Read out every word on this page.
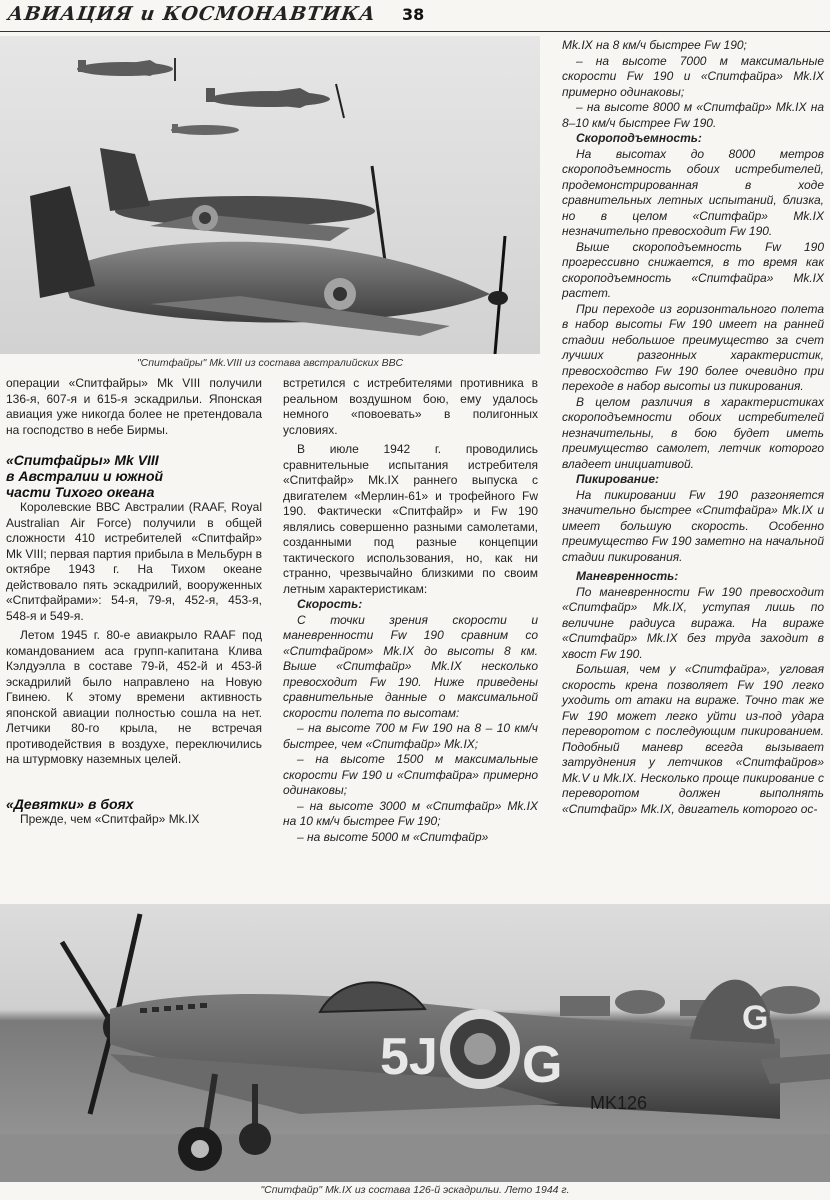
АВИАЦИЯ и КОСМОНАВТИКА 38
"Спитфайры" Mk.VIII из состава австралийских ВВС

операции «Спитфайры» Mk VIII получили 136-я, 607-я и 615-я эскадрильи. Японская авиация уже никогда более не претендовала на господство в небе Бирмы.

«Спитфайры» Mk VIII
в Австралии и южной
части Тихого океана

Королевские ВВС Австралии (RAAF, Royal Australian Air Force) получили в общей сложности 410 истребителей «Спитфайр» Mk VIII; первая партия прибыла в Мельбурн в октябре 1943 г. На Тихом океане действовало пять эскадрилий, вооруженных «Спитфайрами»: 54-я, 79-я, 452-я, 453-я, 548-я и 549-я.

Летом 1945 г. 80-е авиакрыло RAAF под командованием аса групп-капитана Клива Кэлдуэлла в составе 79-й, 452-й и 453-й эскадрилий было направлено на Новую Гвинею. К этому времени активность японской авиации полностью сошла на нет. Летчики 80-го крыла, не встречая противодействия в воздухе, переключились на штурмовку наземных целей.

«Девятки» в боях

Прежде, чем «Спитфайр» Mk.IX

встретился с истребителями противника в реальном воздушном бою, ему удалось немного «повоевать» в полигонных условиях.

В июле 1942 г. проводились сравнительные испытания истребителя «Спитфайр» Mk.IX раннего выпуска с двигателем «Мерлин-61» и трофейного Fw 190. Фактически «Спитфайр» и Fw 190 являлись совершенно разными самолетами, созданными под разные концепции тактического использования, но, как ни странно, чрезвычайно близкими по своим летным характеристикам:

Скорость:

С точки зрения скорости и маневренности Fw 190 сравним со «Спитфайром» Mk.IX до высоты 8 км. Выше «Спитфайр» Mk.IX несколько превосходит Fw 190. Ниже приведены сравнительные данные о максимальной скорости полета по высотам:

– на высоте 700 м Fw 190 на 8 – 10 км/ч быстрее, чем «Спитфайр» Mk.IX;

– на высоте 1500 м максимальные скорости Fw 190 и «Спитфайра» примерно одинаковы;

– на высоте 3000 м «Спитфайр» Mk.IX на 10 км/ч быстрее Fw 190;

– на высоте 5000 м «Спитфайр»

Mk.IX на 8 км/ч быстрее Fw 190;

– на высоте 7000 м максимальные скорости Fw 190 и «Спитфайра» Mk.IX примерно одинаковы;

– на высоте 8000 м «Спитфайр» Mk.IX на 8–10 км/ч быстрее Fw 190.

Скороподъемность:

На высотах до 8000 метров скороподъемность обоих истребителей, продемонстрированная в ходе сравнительных летных испытаний, близка, но в целом «Спитфайр» Mk.IX незначительно превосходит Fw 190.

Выше скороподъемность Fw 190 прогрессивно снижается, в то время как скороподъемность «Спитфайра» Mk.IX растет.

При переходе из горизонтального полета в набор высоты Fw 190 имеет на ранней стадии небольшое преимущество за счет лучших разгонных характеристик, превосходство Fw 190 более очевидно при переходе в набор высоты из пикирования.

В целом различия в характеристиках скороподъемности обоих истребителей незначительны, в бою будет иметь преимущество самолет, летчик которого владеет инициативой.

Пикирование:

На пикировании Fw 190 разгоняется значительно быстрее «Спитфайра» Mk.IX и имеет большую скорость. Особенно преимущество Fw 190 заметно на начальной стадии пикирования.

Маневренность:

По маневренности Fw 190 превосходит «Спитфайр» Mk.IX, уступая лишь по величине радиуса виража. На вираже «Спитфайр» Mk.IX без труда заходит в хвост Fw 190.

Большая, чем у «Спитфайра», угловая скорость крена позволяет Fw 190 легко уходить от атаки на вираже. Точно так же Fw 190 может легко уйти из-под удара переворотом с последующим пикированием. Подобный маневр всегда вызывает затруднения у летчиков «Спитфайров» Mk.V и Mk.IX. Несколько проще пикирование с переворотом должен выполнять «Спитфайр» Mk.IX, двигатель которого ос-

5J G
MK126
G
"Спитфайр" Mk.IX из состава 126-й эскадрильи. Лето 1944 г.
